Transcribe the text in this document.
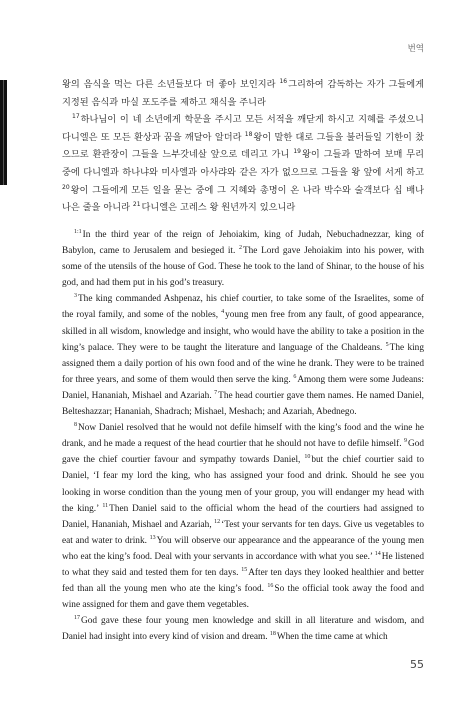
번역

왕의 음식을 먹는 다른 소년들보다 더 좋아 보인지라 $^{16}$그리하여 감독하는 자가 그들에게 지정된 음식과 마실 포도주를 제하고 채식을 주니라

$^{17}$하나님이 이 네 소년에게 학문을 주시고 모든 서적을 깨닫게 하시고 지혜를 주셨으니 다니엘은 또 모든 환상과 꿈을 깨달아 알더라 $^{18}$왕이 말한 대로 그들을 불러들일 기한이 찼으므로 환관장이 그들을 느부갓네살 앞으로 데리고 가니 $^{19}$왕이 그들과 말하여 보매 무리 중에 다니엘과 하나냐와 미사엘과 아사랴와 같은 자가 없으므로 그들을 왕 앞에 서게 하고 $^{20}$왕이 그들에게 모든 일을 묻는 중에 그 지혜와 총명이 온 나라 박수와 술객보다 십 배나 나은 줄을 아니라 $^{21}$다니엘은 고레스 왕 원년까지 있으니라

$^{1:1}$In the third year of the reign of Jehoiakim, king of Judah, Nebuchadnezzar, king of Babylon, came to Jerusalem and besieged it. $^2$The Lord gave Jehoiakim into his power, with some of the utensils of the house of God. These he took to the land of Shinar, to the house of his god, and had them put in his god’s treasury.

$^3$The king commanded Ashpenaz, his chief courtier, to take some of the Israelites, some of the royal family, and some of the nobles, $^4$young men free from any fault, of good appearance, skilled in all wisdom, knowledge and insight, who would have the ability to take a position in the king’s palace. They were to be taught the literature and language of the Chaldeans. $^5$The king assigned them a daily portion of his own food and of the wine he drank. They were to be trained for three years, and some of them would then serve the king. $^6$Among them were some Judeans: Daniel, Hananiah, Mishael and Azariah. $^7$The head courtier gave them names. He named Daniel, Belteshazzar; Hananiah, Shadrach; Mishael, Meshach; and Azariah, Abednego.

$^8$Now Daniel resolved that he would not defile himself with the king’s food and the wine he drank, and he made a request of the head courtier that he should not have to defile himself. $^9$God gave the chief courtier favour and sympathy towards Daniel, $^{10}$but the chief courtier said to Daniel, ‘I fear my lord the king, who has assigned your food and drink. Should he see you looking in worse condition than the young men of your group, you will endanger my head with the king.’ $^{11}$Then Daniel said to the official whom the head of the courtiers had assigned to Daniel, Hananiah, Mishael and Azariah, $^{12}$‘Test your servants for ten days. Give us vegetables to eat and water to drink. $^{13}$You will observe our appearance and the appearance of the young men who eat the king’s food. Deal with your servants in accordance with what you see.’ $^{14}$He listened to what they said and tested them for ten days. $^{15}$After ten days they looked healthier and better fed than all the young men who ate the king’s food. $^{16}$So the official took away the food and wine assigned for them and gave them vegetables.

$^{17}$God gave these four young men knowledge and skill in all literature and wisdom, and Daniel had insight into every kind of vision and dream. $^{18}$When the time came at which

55
